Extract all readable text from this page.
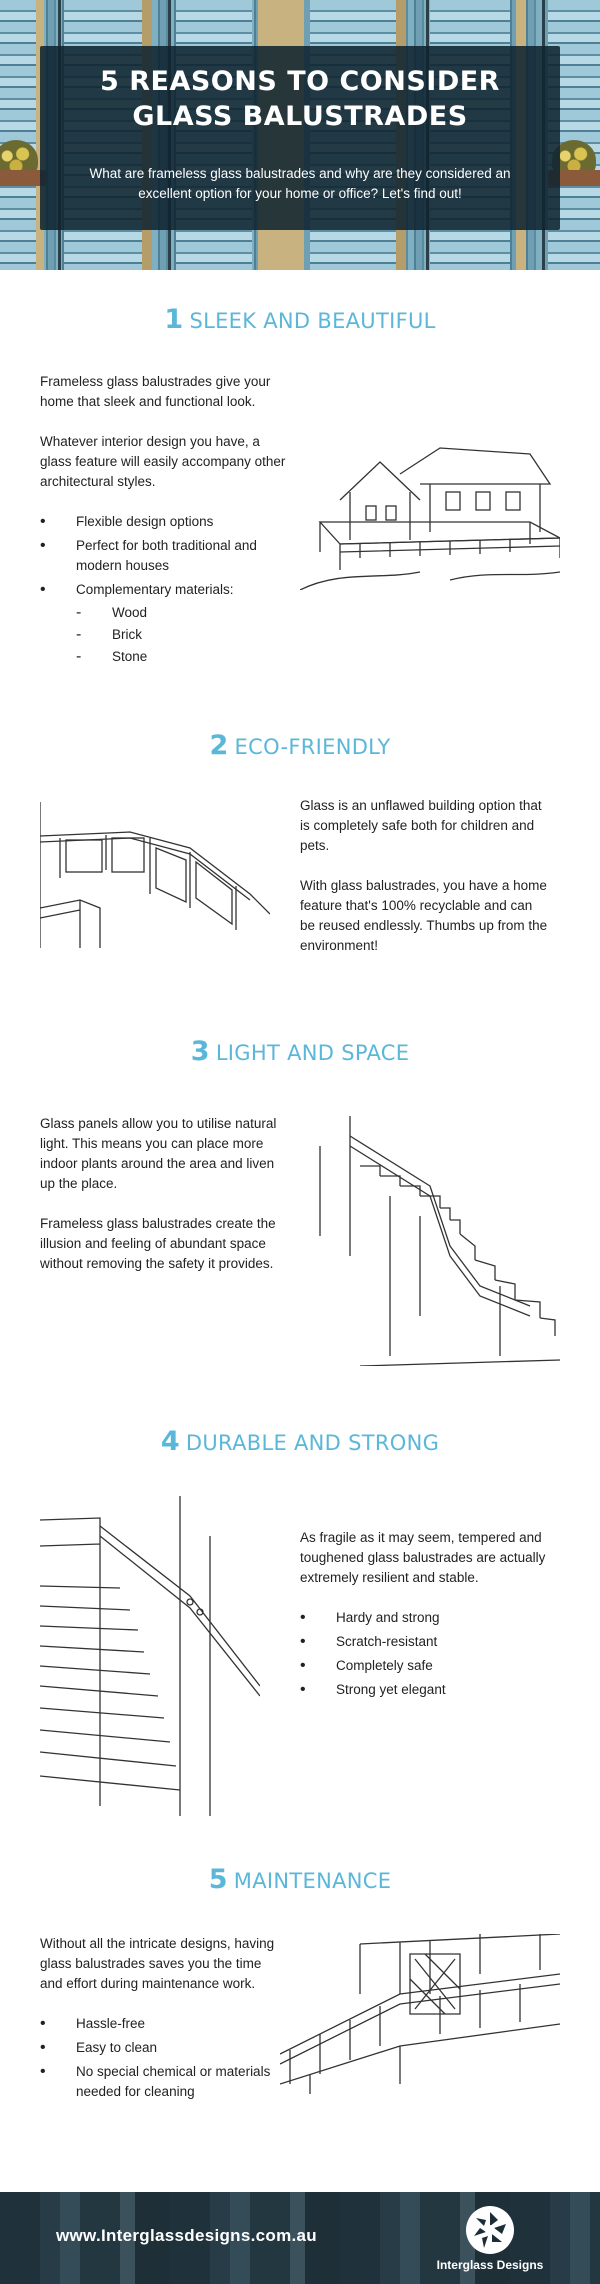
5 REASONS TO CONSIDER
GLASS BALUSTRADES
What are frameless glass balustrades and why are they considered an excellent option for your home or office? Let's find out!
1 SLEEK AND BEAUTIFUL

Frameless glass balustrades give your home that sleek and functional look.

Whatever interior design you have, a glass feature will easily accompany other architectural styles.

• Flexible design options
• Perfect for both traditional and modern houses
• Complementary materials:
- Wood
- Brick
- Stone
2 ECO-FRIENDLY

Glass is an unflawed building option that is completely safe both for children and pets.

With glass balustrades, you have a home feature that's 100% recyclable and can be reused endlessly. Thumbs up from the environment!

3 LIGHT AND SPACE

Glass panels allow you to utilise natural light. This means you can place more indoor plants around the area and liven up the place.

Frameless glass balustrades create the illusion and feeling of abundant space without removing the safety it provides.

4 DURABLE AND STRONG

As fragile as it may seem, tempered and toughened glass balustrades are actually extremely resilient and stable.

• Hardy and strong
• Scratch-resistant
• Completely safe
• Strong yet elegant
5 MAINTENANCE

Without all the intricate designs, having glass balustrades saves you the time and effort during maintenance work.

• Hassle-free
• Easy to clean
• No special chemical or materials needed for cleaning
www.Interglassdesigns.com.au
Interglass Designs
